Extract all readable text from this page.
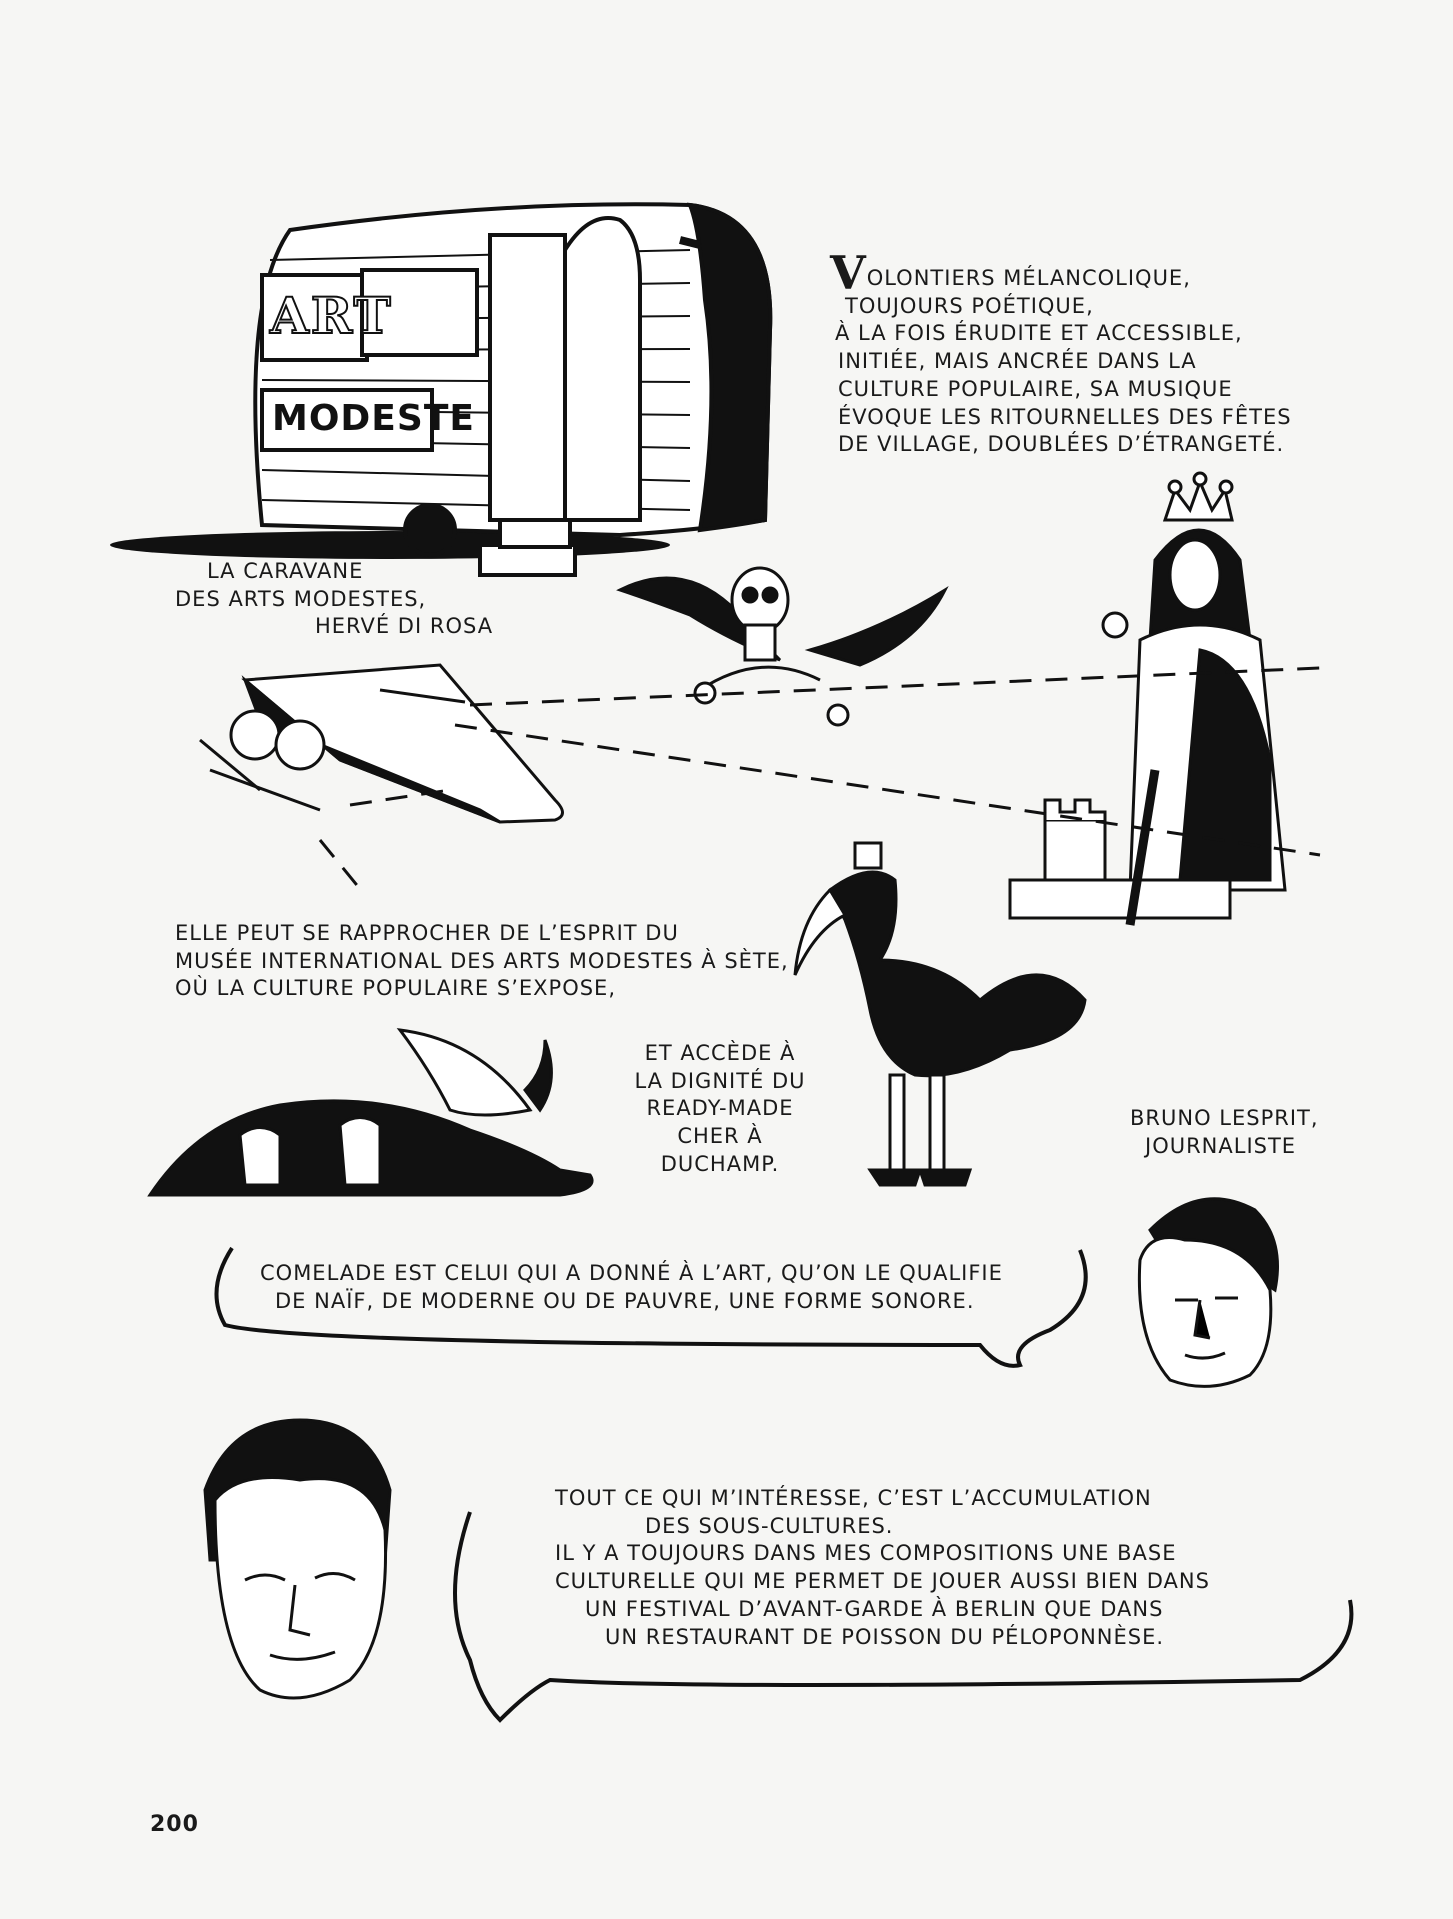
ART
MODESTE
VOLONTIERS MÉLANCOLIQUE,
TOUJOURS POÉTIQUE,
À LA FOIS ÉRUDITE ET ACCESSIBLE,
INITIÉE, MAIS ANCRÉE DANS LA
CULTURE POPULAIRE, SA MUSIQUE
ÉVOQUE LES RITOURNELLES DES FÊTES
DE VILLAGE, DOUBLÉES D’ÉTRANGETÉ.
LA CARAVANE
DES ARTS MODESTES,
HERVÉ DI ROSA
ELLE PEUT SE RAPPROCHER DE L’ESPRIT DU
MUSÉE INTERNATIONAL DES ARTS MODESTES À SÈTE,
OÙ LA CULTURE POPULAIRE S’EXPOSE,
ET ACCÈDE À
LA DIGNITÉ DU
READY-MADE
CHER À DUCHAMP.
BRUNO LESPRIT,
JOURNALISTE
COMELADE EST CELUI QUI A DONNÉ À L’ART, QU’ON LE QUALIFIE
DE NAÏF, DE MODERNE OU DE PAUVRE, UNE FORME SONORE.
TOUT CE QUI M’INTÉRESSE, C’EST L’ACCUMULATION
DES SOUS-CULTURES.
IL Y A TOUJOURS DANS MES COMPOSITIONS UNE BASE
CULTURELLE QUI ME PERMET DE JOUER AUSSI BIEN DANS
UN FESTIVAL D’AVANT-GARDE À BERLIN QUE DANS
UN RESTAURANT DE POISSON DU PÉLOPONNÈSE.
200
